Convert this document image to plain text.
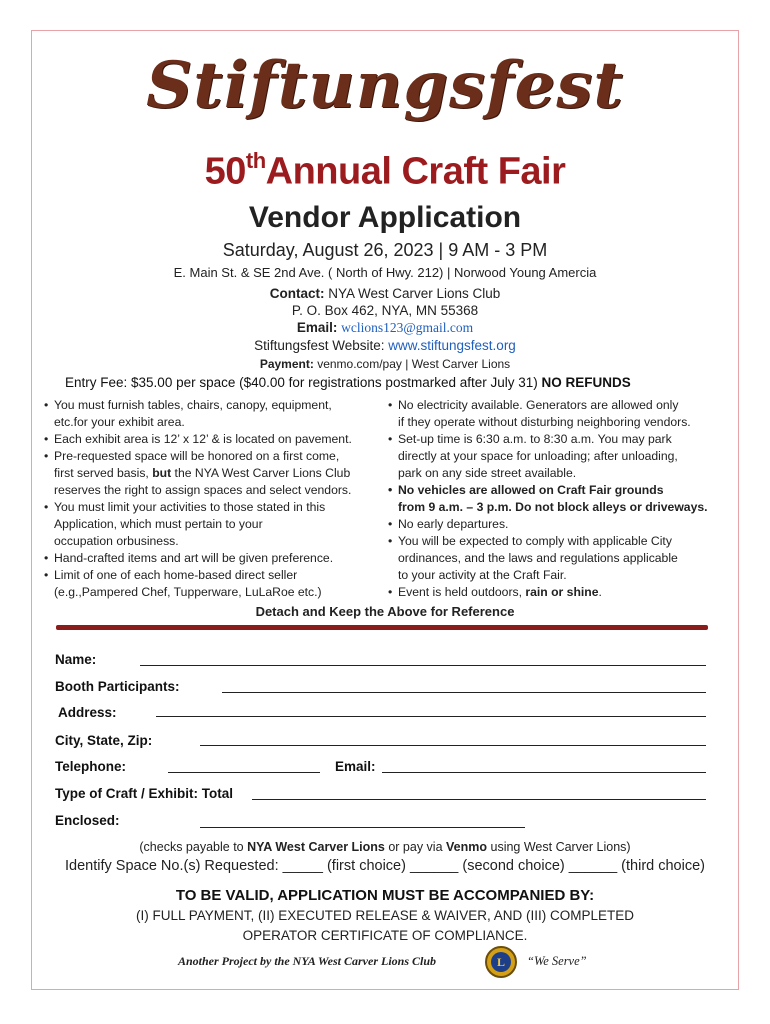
Stiftungsfest
50thAnnual Craft Fair
Vendor Application
Saturday, August 26, 2023 | 9 AM - 3 PM
E. Main St. & SE 2nd Ave. ( North of Hwy. 212) | Norwood Young Amercia
Contact: NYA West Carver Lions Club
P. O. Box 462, NYA, MN 55368
Email: wclions123@gmail.com
Stiftungsfest Website: www.stiftungsfest.org
Payment: venmo.com/pay | West Carver Lions
Entry Fee: $35.00 per space ($40.00 for registrations postmarked after July 31) NO REFUNDS
• You must furnish tables, chairs, canopy, equipment,
etc.for your exhibit area.
• Each exhibit area is 12’ x 12’ & is located on pavement.
• Pre-requested space will be honored on a first come,
first served basis, but the NYA West Carver Lions Club
reserves the right to assign spaces and select vendors.
• You must limit your activities to those stated in this
Application, which must pertain to your
occupation orbusiness.
• Hand-crafted items and art will be given preference.
• Limit of one of each home-based direct seller
(e.g.,Pampered Chef, Tupperware, LuLaRoe etc.)
• No electricity available. Generators are allowed only
if they operate without disturbing neighboring vendors.
• Set-up time is 6:30 a.m. to 8:30 a.m. You may park
directly at your space for unloading; after unloading,
park on any side street available.
• No vehicles are allowed on Craft Fair grounds
from 9 a.m. – 3 p.m. Do not block alleys or driveways.
• No early departures.
• You will be expected to comply with applicable City
ordinances, and the laws and regulations applicable
to your activity at the Craft Fair.
• Event is held outdoors, rain or shine.
Detach and Keep the Above for Reference
Name:
Booth Participants:
Address:
City, State, Zip:
Telephone:	Email:
Type of Craft / Exhibit: Total
Enclosed:
(checks payable to NYA West Carver Lions or pay via Venmo using West Carver Lions)
Identify Space No.(s) Requested: _____ (first choice) ______ (second choice) ______ (third choice)
TO BE VALID, APPLICATION MUST BE ACCOMPANIED BY:
(I) FULL PAYMENT, (II) EXECUTED RELEASE & WAIVER, AND (III) COMPLETED
OPERATOR CERTIFICATE OF COMPLIANCE.
Another Project by the NYA West Carver Lions Club	L	“We Serve”
